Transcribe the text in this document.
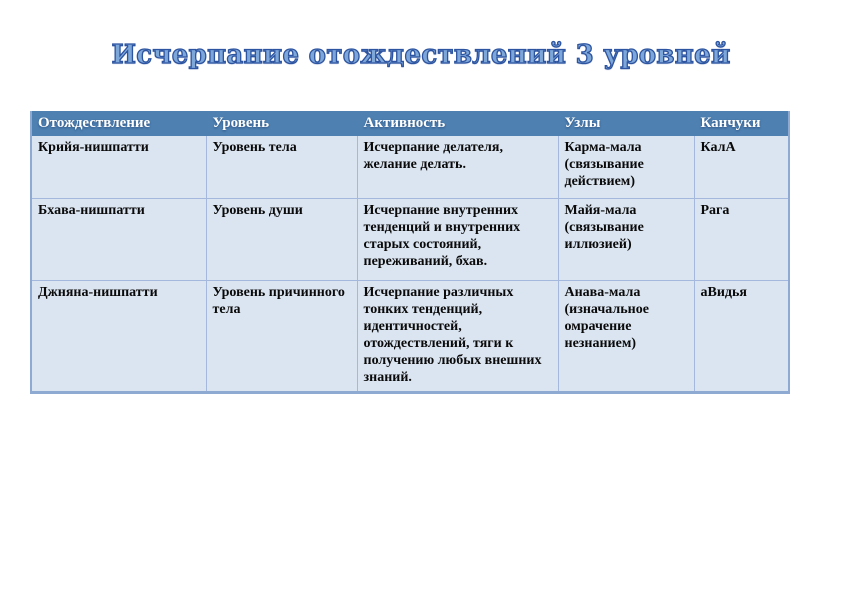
Исчерпание отождествлений 3 уровней
Отождествление	Уровень	Активность	Узлы	Канчуки
Крийя-нишпатти	Уровень тела	Исчерпание делателя, желание делать.	Карма-мала (связывание действием)	КалА
Бхава-нишпатти	Уровень души	Исчерпание внутренних тенденций и внутренних старых состояний, переживаний, бхав.	Майя-мала (связывание иллюзией)	Рага
Джняна-нишпатти	Уровень причинного тела	Исчерпание различных тонких тенденций, идентичностей, отождествлений, тяги к получению любых внешних знаний.	Анава-мала (изначальное омрачение незнанием)	аВидья
